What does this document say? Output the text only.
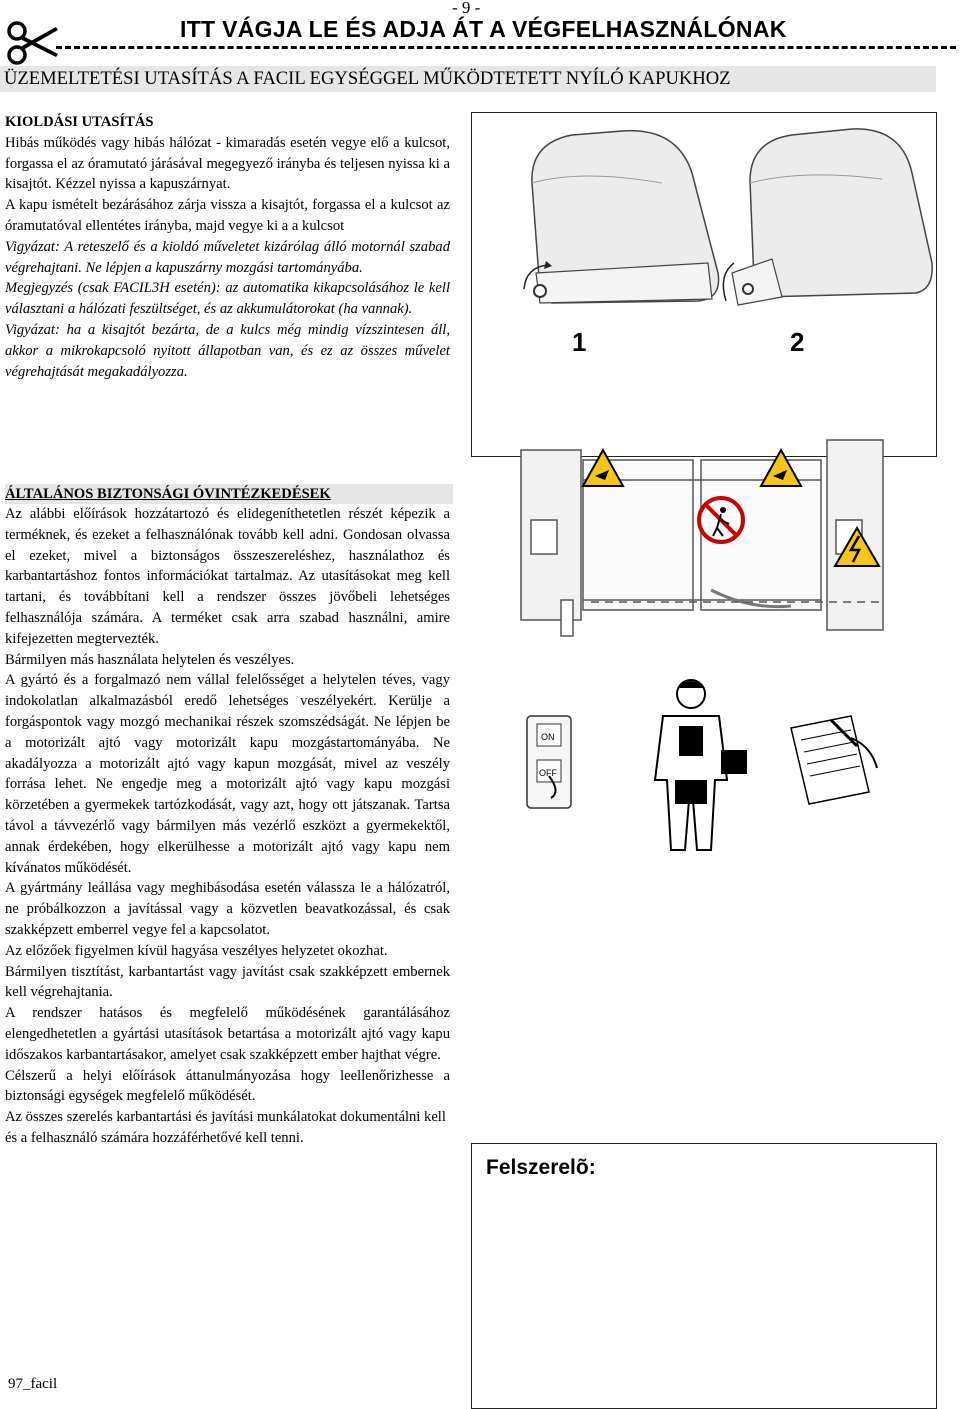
- 9 -
ITT VÁGJA LE ÉS ADJA ÁT A VÉGFELHASZNÁLÓNAK
ÜZEMELTETÉSI UTASÍTÁS A FACIL EGYSÉGGEL MŰKÖDTETETT NYÍLÓ KAPUKHOZ
KIOLDÁSI UTASÍTÁS

Hibás működés vagy hibás hálózat - kimaradás esetén vegye elő a kulcsot, forgassa el az óramutató járásával megegyező irányba és teljesen nyissa ki a kisajtót. Kézzel nyissa a kapuszárnyat.

A kapu ismételt bezárásához zárja vissza a kisajtót, forgassa el a kulcsot az óramutatóval ellentétes irányba, majd vegye ki a a kulcsot

Vigyázat: A reteszelő és a kioldó műveletet kizárólag álló motornál szabad végrehajtani. Ne lépjen a kapuszárny mozgási tartományába.

Megjegyzés (csak FACIL3H esetén): az automatika kikapcsolásához le kell választani a hálózati feszültséget, és az akkumulátorokat (ha vannak).

Vigyázat: ha a kisajtót bezárta, de a kulcs még mindig vízszintesen áll, akkor a mikrokapcsoló nyitott állapotban van, és ez az összes művelet végrehajtását megakadályozza.

ÁLTALÁNOS BIZTONSÁGI ÓVINTÉZKEDÉSEK

Az alábbi előírások hozzátartozó és elidegeníthetetlen részét képezik a terméknek, és ezeket a felhasználónak tovább kell adni. Gondosan olvassa el ezeket, mivel a biztonságos összeszereléshez, használathoz és karbantartáshoz fontos információkat tartalmaz. Az utasításokat meg kell tartani, és továbbítani kell a rendszer összes jövőbeli lehetséges felhasználója számára. A terméket csak arra szabad használni, amire kifejezetten megtervezték.

Bármilyen más használata helytelen és veszélyes.

A gyártó és a forgalmazó nem vállal felelősséget a helytelen téves, vagy indokolatlan alkalmazásból eredő lehetséges veszélyekért. Kerülje a forgáspontok vagy mozgó mechanikai részek szomszédságát. Ne lépjen be a motorizált ajtó vagy motorizált kapu mozgástartományába. Ne akadályozza a motorizált ajtó vagy kapun mozgását, mivel az veszély forrása lehet. Ne engedje meg a motorizált ajtó vagy kapu mozgási körzetében a gyermekek tartózkodását, vagy azt, hogy ott játszanak. Tartsa távol a távvezérlő vagy bármilyen más vezérlő eszközt a gyermekektől, annak érdekében, hogy elkerülhesse a motorizált ajtó vagy kapu nem kívánatos működését.

A gyártmány leállása vagy meghibásodása esetén válassza le a hálózatról, ne próbálkozzon a javítással vagy a közvetlen beavatkozással, és csak szakképzett emberrel vegye fel a kapcsolatot.

Az előzőek figyelmen kívül hagyása veszélyes helyzetet okozhat.

Bármilyen tisztítást, karbantartást vagy javítást csak szakképzett embernek kell végrehajtania.

A rendszer hatásos és megfelelő működésének garantálásához elengedhetetlen a gyártási utasítások betartása a motorizált ajtó vagy kapu időszakos karbantartásakor, amelyet csak szakképzett ember hajthat végre.

Célszerű a helyi előírások áttanulmányozása hogy leellenőrizhesse a biztonsági egységek megfelelő működését.

Az összes szerelés karbantartási és javítási munkálatokat dokumentálni kell és a felhasználó számára hozzáférhetővé kell tenni.

1	2
ON
OFF
Felszerelõ:
97_facil
